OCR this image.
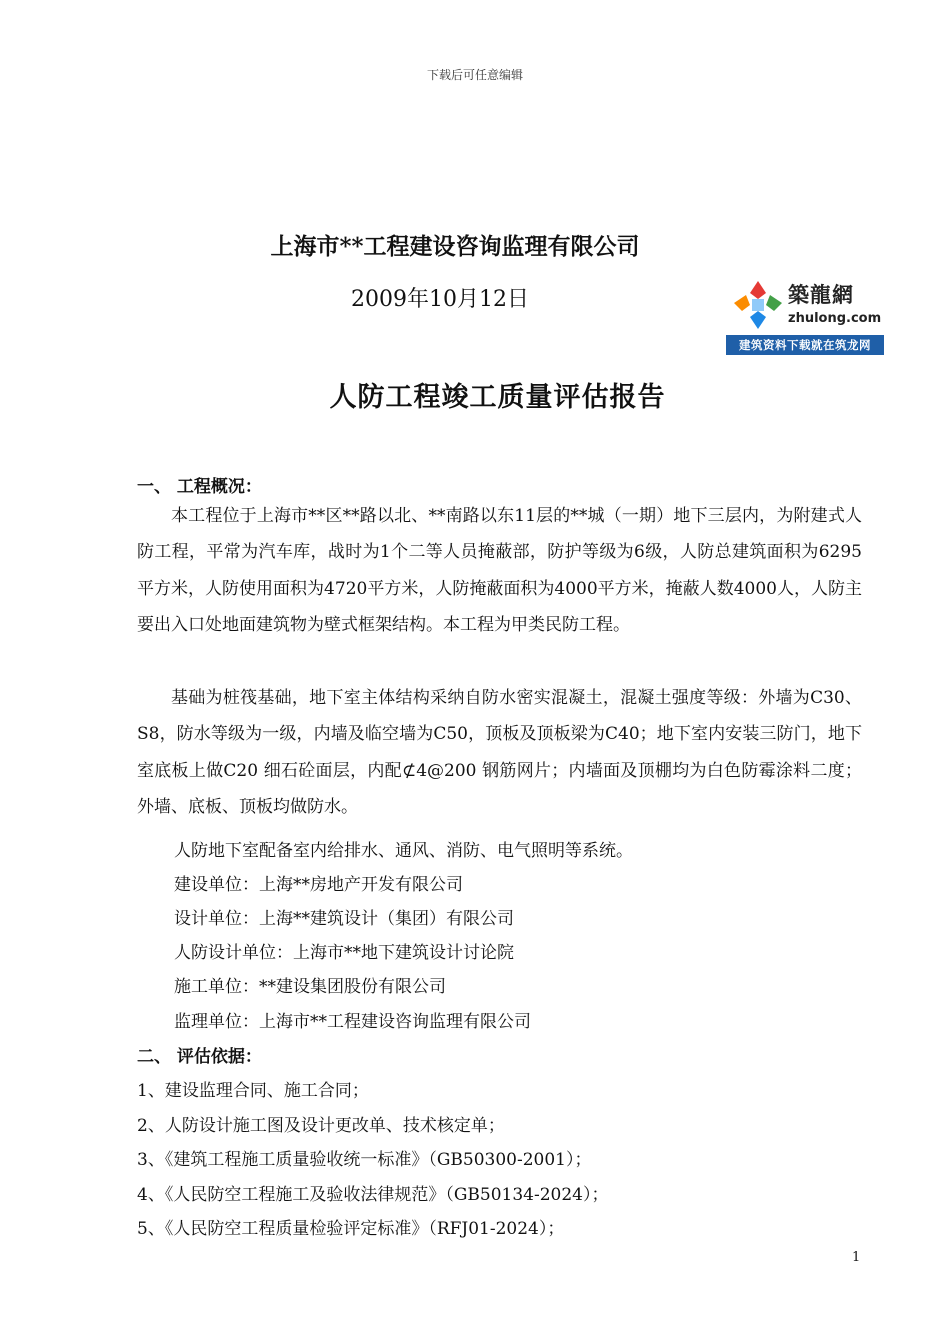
下载后可任意编辑
上海市**工程建设咨询监理有限公司
2009年10月12日	築龍網
zhulong.com
建筑资料下载就在筑龙网
人防工程竣工质量评估报告
一、 工程概况：

本工程位于上海市**区**路以北、**南路以东11层的**城（一期）地下三层内，为附建式人防工程，平常为汽车库，战时为1个二等人员掩蔽部，防护等级为6级，人防总建筑面积为6295平方米，人防使用面积为4720平方米，人防掩蔽面积为4000平方米，掩蔽人数4000人，人防主要出入口处地面建筑物为壁式框架结构。本工程为甲类民防工程。

基础为桩筏基础，地下室主体结构采纳自防水密实混凝土，混凝土强度等级：外墙为C30、S8，防水等级为一级，内墙及临空墙为C50，顶板及顶板梁为C40；地下室内安装三防门，地下室底板上做C20 细石砼面层，内配⊄4@200 钢筋网片；内墙面及顶棚均为白色防霉涂料二度；外墙、底板、顶板均做防水。

人防地下室配备室内给排水、通风、消防、电气照明等系统。
建设单位：上海**房地产开发有限公司
设计单位：上海**建筑设计（集团）有限公司
人防设计单位：上海市**地下建筑设计讨论院
施工单位：**建设集团股份有限公司
监理单位：上海市**工程建设咨询监理有限公司
二、 评估依据：
1、建设监理合同、施工合同；
2、人防设计施工图及设计更改单、技术核定单；
3、《建筑工程施工质量验收统一标准》（GB50300-2001）；
4、《人民防空工程施工及验收法律规范》（GB50134-2024）；
5、《人民防空工程质量检验评定标准》（RFJ01-2024）；
1
